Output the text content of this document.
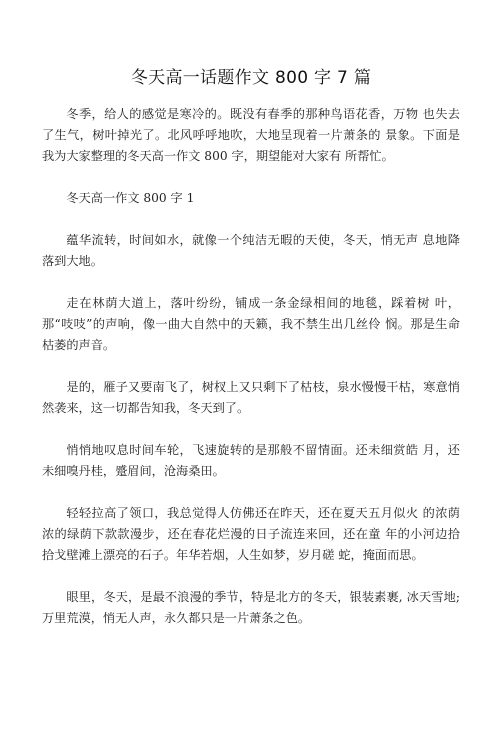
冬天高一话题作文 800 字 7 篇

冬季，给人的感觉是寒冷的。既没有春季的那种鸟语花香，万物 也失去了生气，树叶掉光了。北风呼呼地吹，大地呈现着一片萧条的 景象。下面是我为大家整理的冬天高一作文 800 字，期望能对大家有 所帮忙。

冬天高一作文 800 字 1

蕴华流转，时间如水，就像一个纯洁无暇的天使，冬天，悄无声 息地降落到大地。

走在林荫大道上，落叶纷纷，铺成一条金绿相间的地毯，踩着树 叶，那“吱吱”的声响，像一曲大自然中的天籁，我不禁生出几丝伶 悯。那是生命枯萎的声音。

是的，雁子又要南飞了，树杈上又只剩下了枯枝，泉水慢慢干枯，寒意悄然袭来，这一切都告知我，冬天到了。

悄悄地叹息时间车轮，飞速旋转的是那般不留情面。还未细赏皓 月，还未细嗅丹桂，蹙眉间，沧海桑田。

轻轻拉高了领口，我总觉得人仿佛还在昨天，还在夏天五月似火 的浓荫浓的绿荫下款款漫步，还在春花烂漫的日子流连来回，还在童 年的小河边拾拾戈壁滩上漂亮的石子。年华若烟，人生如梦，岁月磋 蛇，掩面而思。

眼里，冬天，是最不浪漫的季节，特是北方的冬天，银装素裹, 冰天雪地;万里荒漠，悄无人声，永久都只是一片萧条之色。
